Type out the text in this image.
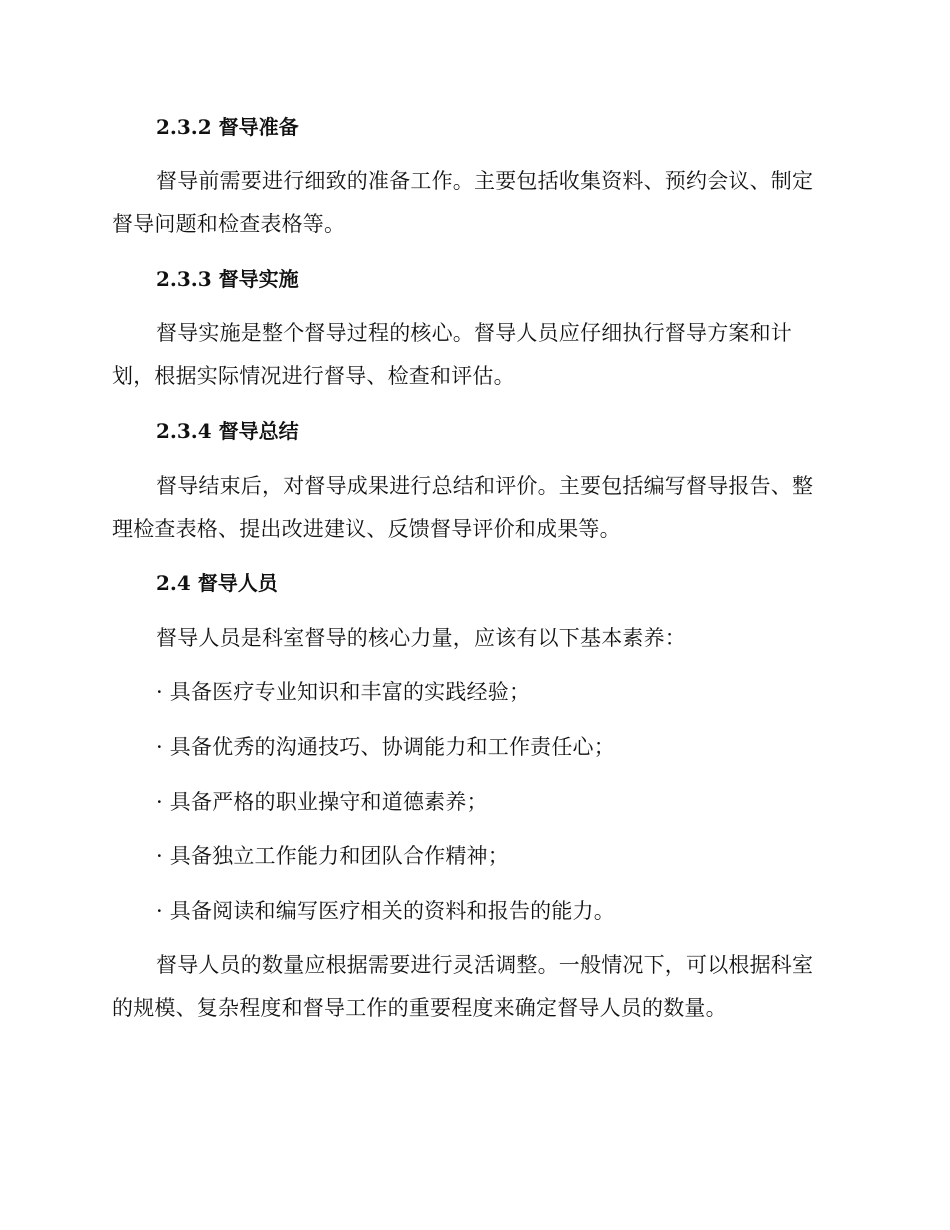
2.3.2 督导准备
督导前需要进行细致的准备工作。主要包括收集资料、预约会议、制定督导问题和检查表格等。
2.3.3 督导实施
督导实施是整个督导过程的核心。督导人员应仔细执行督导方案和计划，根据实际情况进行督导、检查和评估。
2.3.4 督导总结
督导结束后，对督导成果进行总结和评价。主要包括编写督导报告、整理检查表格、提出改进建议、反馈督导评价和成果等。
2.4 督导人员
督导人员是科室督导的核心力量，应该有以下基本素养：
· 具备医疗专业知识和丰富的实践经验；
· 具备优秀的沟通技巧、协调能力和工作责任心；
· 具备严格的职业操守和道德素养；
· 具备独立工作能力和团队合作精神；
· 具备阅读和编写医疗相关的资料和报告的能力。
督导人员的数量应根据需要进行灵活调整。一般情况下，可以根据科室的规模、复杂程度和督导工作的重要程度来确定督导人员的数量。
